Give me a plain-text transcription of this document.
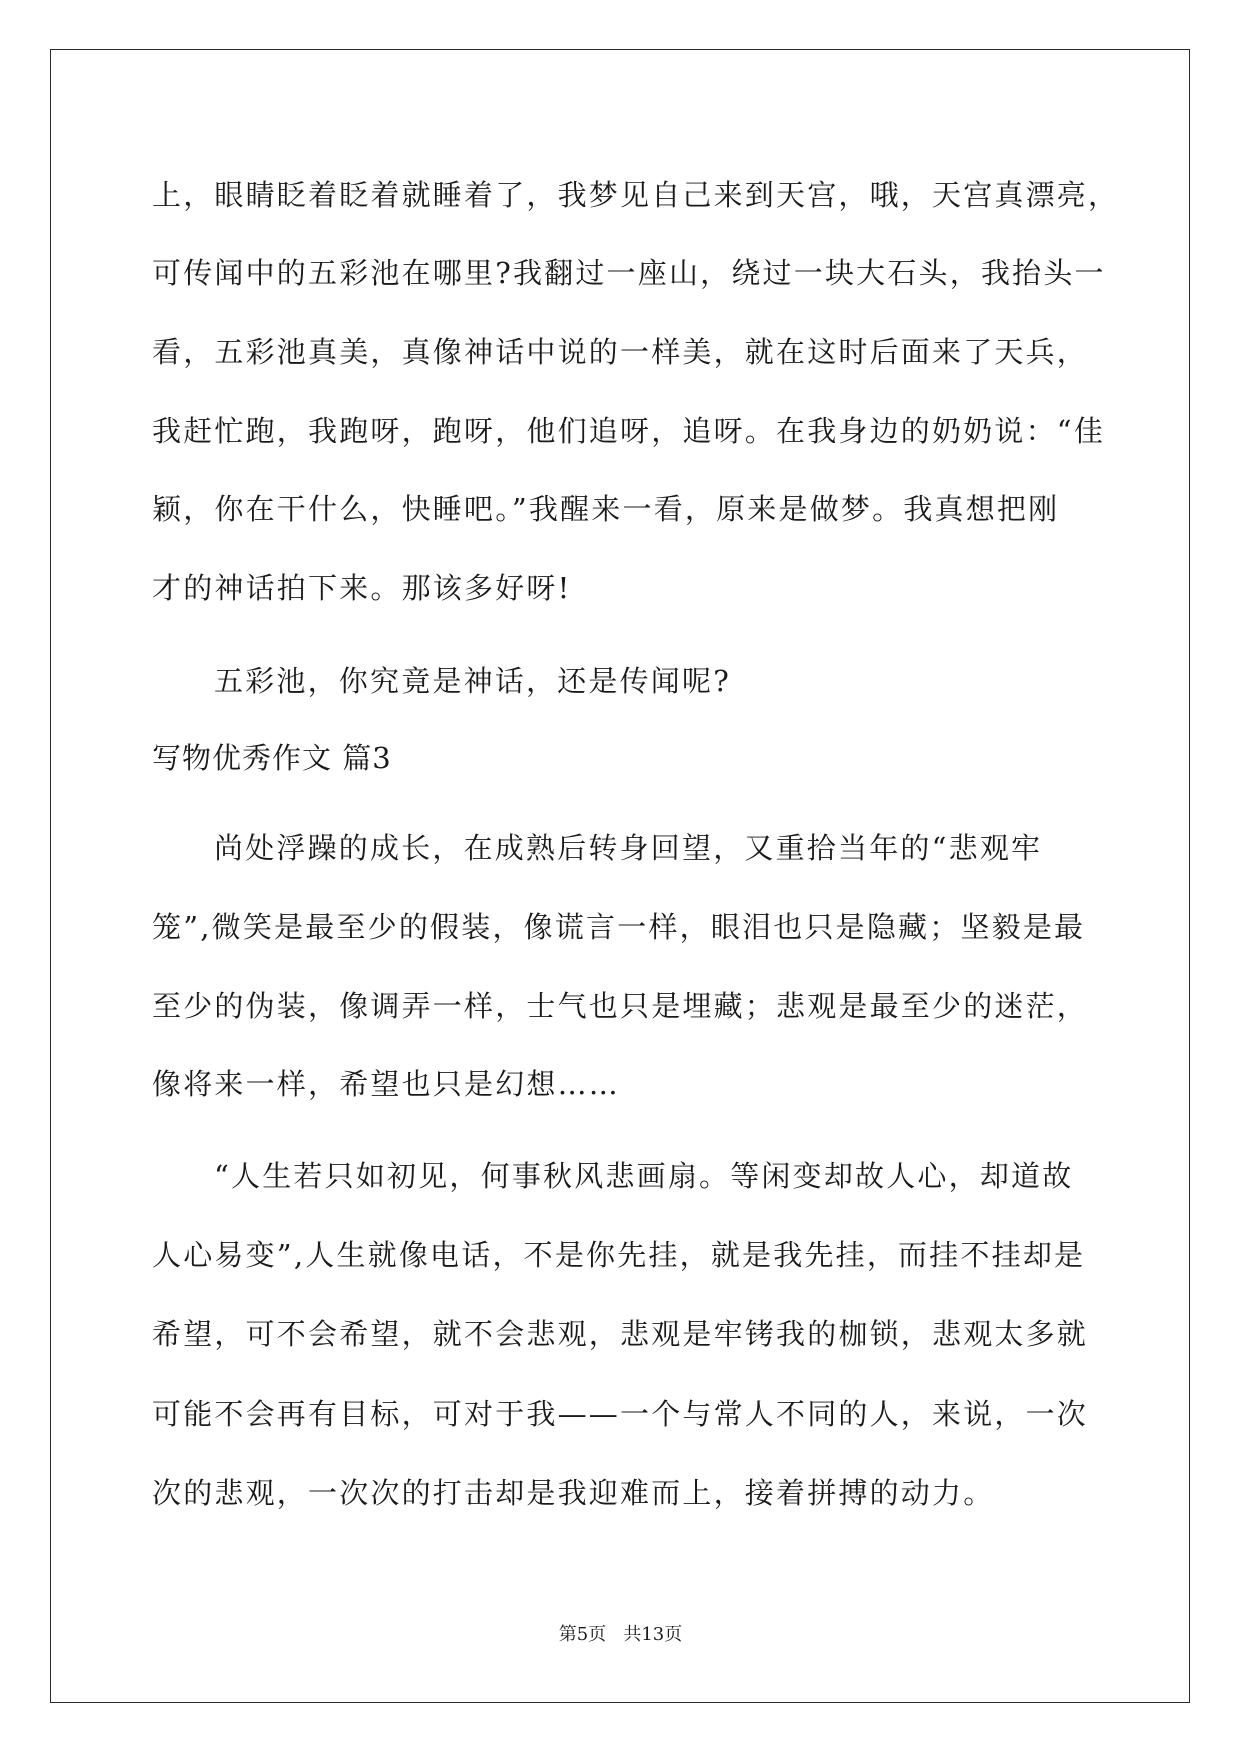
上，眼睛眨着眨着就睡着了，我梦见自己来到天宫，哦，天宫真漂亮，
可传闻中的五彩池在哪里?我翻过一座山，绕过一块大石头，我抬头一
看，五彩池真美，真像神话中说的一样美，就在这时后面来了天兵，
我赶忙跑，我跑呀，跑呀，他们追呀，追呀。在我身边的奶奶说：“佳
颖，你在干什么，快睡吧。”我醒来一看，原来是做梦。我真想把刚
才的神话拍下来。那该多好呀!
五彩池，你究竟是神话，还是传闻呢?
写物优秀作文 篇3
尚处浮躁的成长，在成熟后转身回望，又重拾当年的“悲观牢
笼”,微笑是最至少的假装，像谎言一样，眼泪也只是隐藏；坚毅是最
至少的伪装，像调弄一样，士气也只是埋藏；悲观是最至少的迷茫，
像将来一样，希望也只是幻想……
“人生若只如初见，何事秋风悲画扇。等闲变却故人心，却道故
人心易变”,人生就像电话，不是你先挂，就是我先挂，而挂不挂却是
希望，可不会希望，就不会悲观，悲观是牢铐我的枷锁，悲观太多就
可能不会再有目标，可对于我——一个与常人不同的人，来说，一次
次的悲观，一次次的打击却是我迎难而上，接着拼搏的动力。
第5页   共13页
